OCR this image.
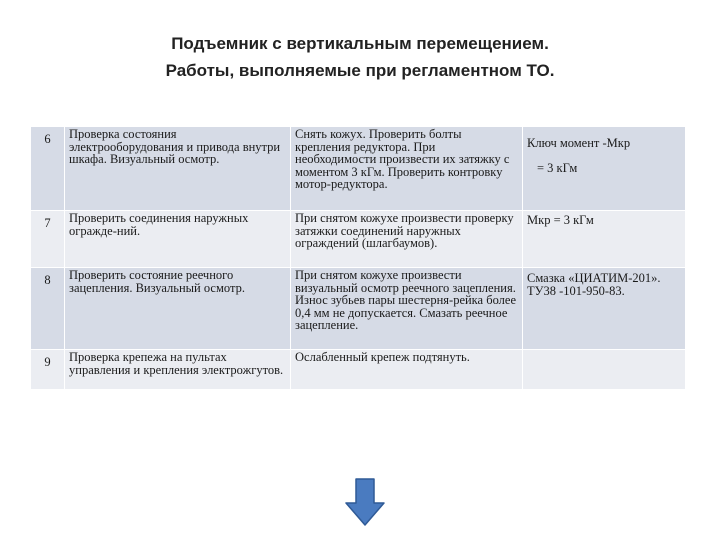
Подъемник с вертикальным перемещением.
Работы, выполняемые при регламентном ТО.
6	Проверка состояния электрооборудования и привода внутри шкафа. Визуальный осмотр.	Снять кожух. Проверить болты крепления редуктора. При необходимости произвести их затяжку с моментом 3 кГм. Проверить контровку мотор-редуктора.	Ключ момент -Мкр
= 3 кГм

7	Проверить соединения наружных огражде-ний.	При снятом кожухе произвести проверку затяжки соединений наружных ограждений (шлагбаумов).	Мкр = 3 кГм

8	Проверить состояние реечного зацепления. Визуальный осмотр.	При снятом кожухе произвести визуальный осмотр реечного зацепления. Износ зубьев пары шестерня-рейка более 0,4 мм не допускается. Смазать реечное зацепление.	Смазка «ЦИАТИМ-201». ТУ38 -101-950-83.

9	Проверка крепежа на пультах управления и крепления электрожгутов.	Ослабленный крепеж подтянуть.	
